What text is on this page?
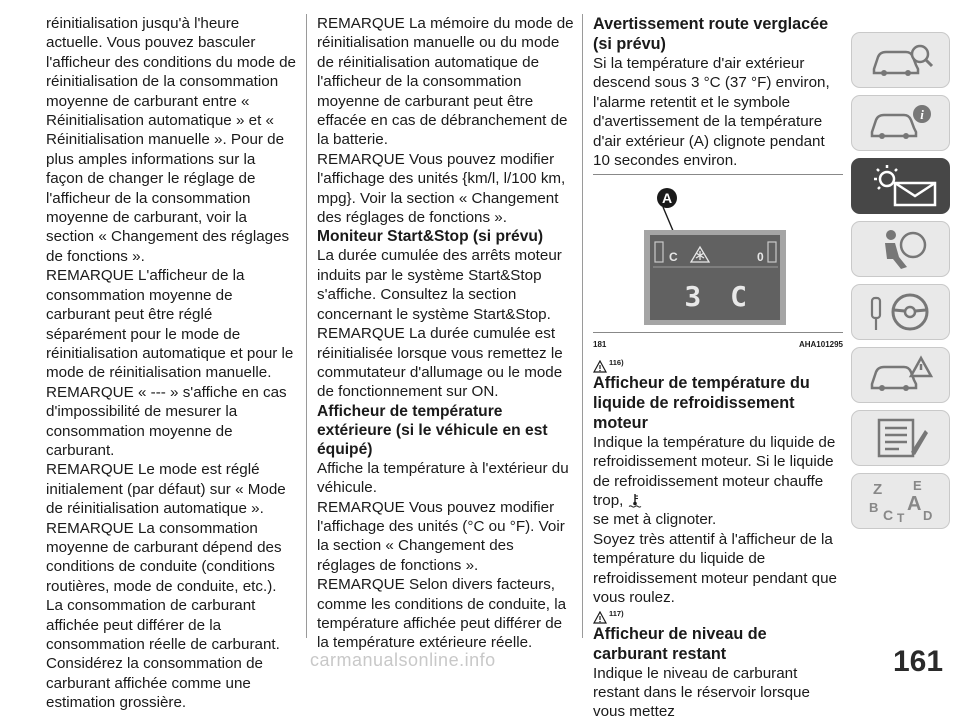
réinitialisation jusqu'à l'heure actuelle. Vous pouvez basculer l'afficheur des conditions du mode de réinitialisation de la consommation moyenne de carburant entre « Réinitialisation automatique » et « Réinitialisation manuelle ». Pour de plus amples informations sur la façon de changer le réglage de l'afficheur de la consommation moyenne de carburant, voir la section « Changement des réglages de fonctions ».

REMARQUE L'afficheur de la consommation moyenne de carburant peut être réglé séparément pour le mode de réinitialisation automatique et pour le mode de réinitialisation manuelle.

REMARQUE « --- » s'affiche en cas d'impossibilité de mesurer la consommation moyenne de carburant.

REMARQUE Le mode est réglé initialement (par défaut) sur « Mode de réinitialisation automatique ».

REMARQUE La consommation moyenne de carburant dépend des conditions de conduite (conditions routières, mode de conduite, etc.). La consommation de carburant affichée peut différer de la consommation réelle de carburant. Considérez la consommation de carburant affichée comme une estimation grossière.

REMARQUE La mémoire du mode de réinitialisation manuelle ou du mode de réinitialisation automatique de l'afficheur de la consommation moyenne de carburant peut être effacée en cas de débranchement de la batterie.

REMARQUE Vous pouvez modifier l'affichage des unités {km/l, l/100 km, mpg}. Voir la section « Changement des réglages de fonctions ».

Moniteur Start&Stop (si prévu)

La durée cumulée des arrêts moteur induits par le système Start&Stop s'affiche. Consultez la section concernant le système Start&Stop.

REMARQUE La durée cumulée est réinitialisée lorsque vous remettez le commutateur d'allumage ou le mode de fonctionnement sur ON.

Afficheur de température extérieure (si le véhicule en est équipé)

Affiche la température à l'extérieur du véhicule.

REMARQUE Vous pouvez modifier l'affichage des unités (°C ou °F). Voir la section « Changement des réglages de fonctions ».

REMARQUE Selon divers facteurs, comme les conditions de conduite, la température affichée peut différer de la température extérieure réelle.

Avertissement route verglacée (si prévu)

Si la température d'air extérieur descend sous 3 °C (37 °F) environ, l'alarme retentit et le symbole d'avertissement de la température d'air extérieur (A) clignote pendant 10 secondes environ.

A
C	0
3 C
181	AHA101295
116)
Afficheur de température du liquide de refroidissement moteur

Indique la température du liquide de refroidissement moteur. Si le liquide de refroidissement moteur chauffe trop,
se met à clignoter.

Soyez très attentif à l'afficheur de la température du liquide de refroidissement moteur pendant que vous roulez.

117)
Afficheur de niveau de carburant restant

Indique le niveau de carburant restant dans le réservoir lorsque vous mettez

i
Z E
B A
C T D
carmanualsonline.info	161
